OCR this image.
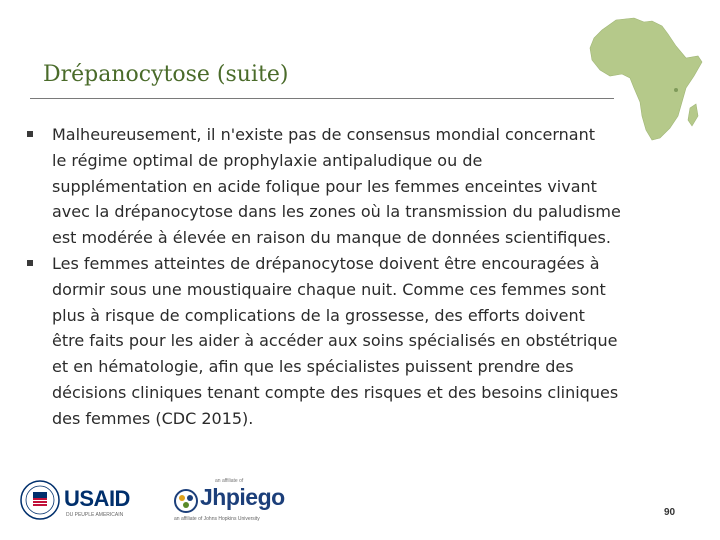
Drépanocytose (suite)
Malheureusement, il n'existe pas de consensus mondial concernant
le régime optimal de prophylaxie antipaludique ou de
supplémentation en acide folique pour les femmes enceintes vivant
avec la drépanocytose dans les zones où la transmission du paludisme
est modérée à élevée en raison du manque de données scientifiques.
Les femmes atteintes de drépanocytose doivent être encouragées à
dormir sous une moustiquaire chaque nuit. Comme ces femmes sont
plus à risque de complications de la grossesse, des efforts doivent
être faits pour les aider à accéder aux soins spécialisés en obstétrique
et en hématologie, afin que les spécialistes puissent prendre des
décisions cliniques tenant compte des risques et des besoins cliniques
des femmes (CDC 2015).
USAID
DU PEUPLE AMERICAIN
an affiliate of
Jhpiego
an affiliate of Johns Hopkins University
90
